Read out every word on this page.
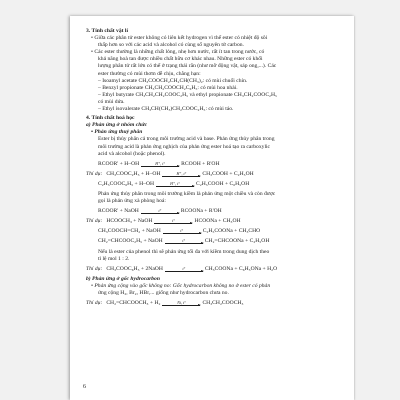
3. Tính chất vật lí
• Giữa các phân tử ester không có liên kết hydrogen vì thế ester có nhiệt độ sôi
thấp hơn so với các acid và alcohol có cùng số nguyên tử carbon.
• Các ester thường là những chất lỏng, nhẹ hơn nước, rất ít tan trong nước, có
khả năng hoà tan được nhiều chất hữu cơ khác nhau. Những ester có khối
lượng phân tử rất lớn có thể ở trạng thái rắn (như mỡ động vật, sáp ong,...). Các
ester thường có mùi thơm dễ chịu, chẳng hạn:
– Isoamyl acetate CH₃COOCH₂CH₂CH(CH₃)₂: có mùi chuối chín.
– Benzyl propionate CH₃CH₂COOCH₂C₆H₅: có mùi hoa nhài.
– Ethyl butyrate CH₃CH₂CH₂COOC₂H₅ và ethyl propionate CH₃CH₂COOC₂H₅
có mùi dứa.
– Ethyl isovalerate CH₃CH(CH₃)CH₂COOC₂H₅: có mùi táo.
4. Tính chất hoá học
a) Phản ứng ở nhóm chức
• Phản ứng thuỷ phân
Ester bị thủy phân cả trong môi trường acid và base. Phản ứng thủy phân trong
môi trường acid là phản ứng nghịch của phản ứng ester hoá tạo ra carboxylic
acid và alcohol (hoặc phenol).
RCOOR' + H–OH	H⁺, t°	RCOOH + R'OH
Thí dụ: CH₃COOC₂H₅ + H–OH	H⁺, t°	CH₃COOH + C₂H₅OH
C₂H₅COOC₆H₅ + H–OH	H⁺, t°	C₂H₅COOH + C₆H₅OH
Phản ứng thủy phân trong môi trường kiềm là phản ứng một chiều và còn được
gọi là phản ứng xà phòng hoá:
RCOOR' + NaOH	t°	RCOONa + R'OH
Thí dụ: HCOOCH₃ + NaOH	t°	HCOONa + CH₃OH
CH₃COOCH=CH₂ + NaOH	t°	C₂H₅COONa + CH₃CHO
CH₂=CHCOOC₂H₅ + NaOH	t°	CH₂=CHCOONa + C₂H₅OH
Nếu là ester của phenol thì sẽ phản ứng tối đa với kiềm trong dung dịch theo
tỉ lệ mol 1 : 2.
Thí dụ: CH₃COOC₆H₅ + 2NaOH	t°	CH₃COONa + C₆H₅ONa + H₂O
b) Phản ứng ở gốc hydrocarbon
• Phản ứng cộng vào gốc không no: Gốc hydrocarbon không no ở ester có phản
ứng cộng H₂, Br₂, HBr,... giống như hydrocarbon chưa no.
Thí dụ: CH₂=CHCOOCH₃ + H₂	Ni, t°	CH₃CH₂COOCH₃
6
